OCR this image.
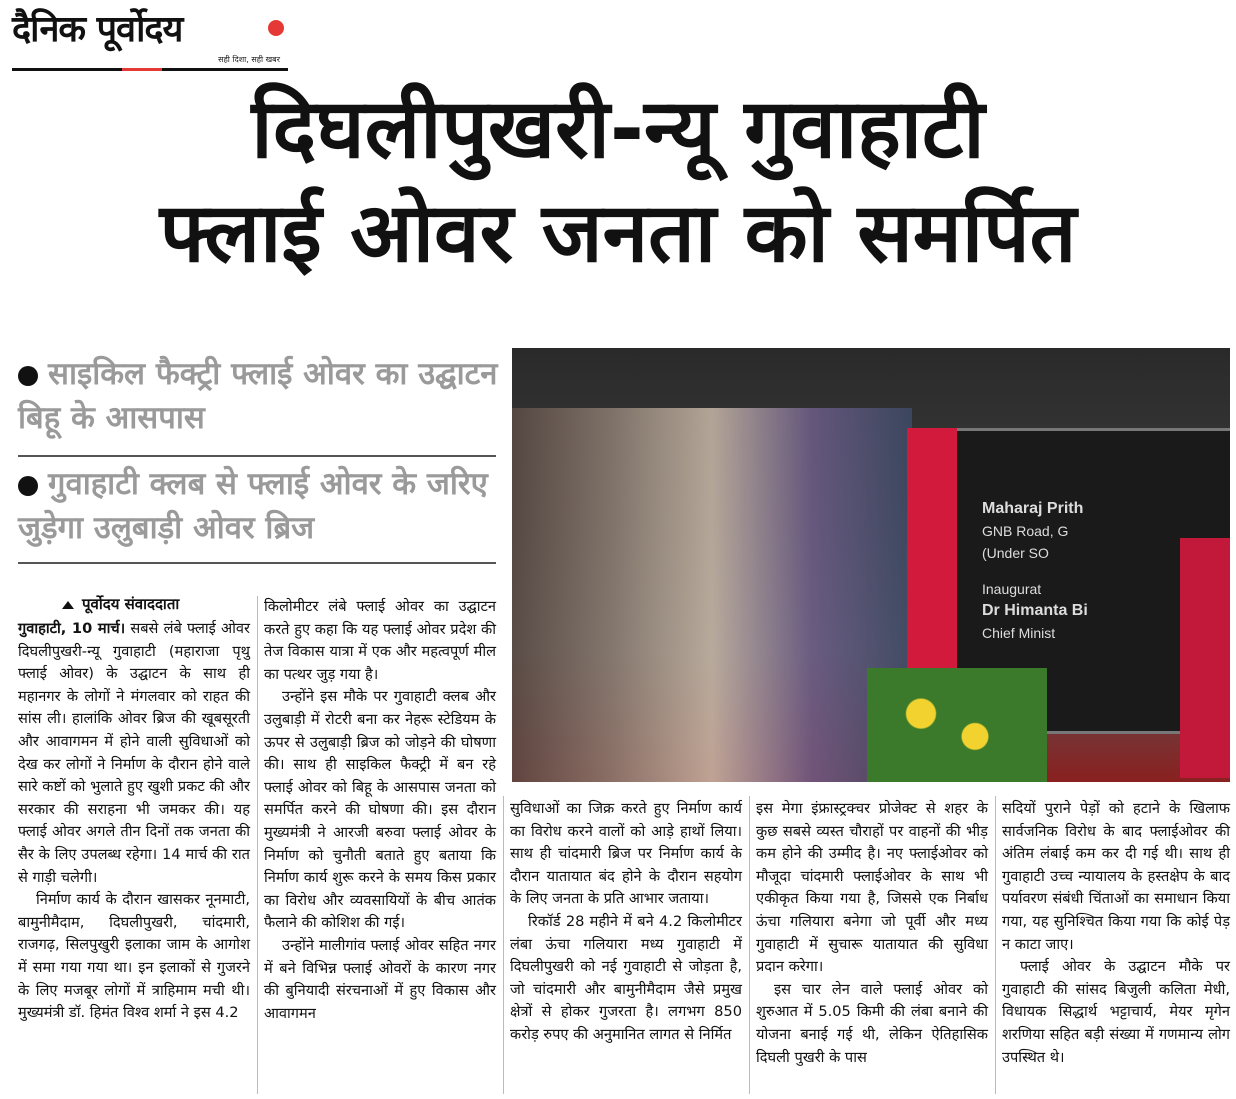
दैनिक पूर्वोदय
सही दिशा, सही खबर
दिघलीपुखरी-न्यू गुवाहाटी
फ्लाई ओवर जनता को समर्पित
साइकिल फैक्ट्री फ्लाई ओवर का उद्घाटन बिहू के आसपास
गुवाहाटी क्लब से फ्लाई ओवर के जरिए जुड़ेगा उलुबाड़ी ओवर ब्रिज
Maharaj Prith
GNB Road, G
(Under SO
Inaugurat
Dr Himanta Bi
Chief Minist
पूर्वोदय संवाददाता

गुवाहाटी, 10 मार्च। सबसे लंबे फ्लाई ओवर दिघलीपुखरी-न्यू गुवाहाटी (महाराजा पृथु फ्लाई ओवर) के उद्घाटन के साथ ही महानगर के लोगों ने मंगलवार को राहत की सांस ली। हालांकि ओवर ब्रिज की खूबसूरती और आवागमन में होने वाली सुविधाओं को देख कर लोगों ने निर्माण के दौरान होने वाले सारे कष्टों को भुलाते हुए खुशी प्रकट की और सरकार की सराहना भी जमकर की। यह फ्लाई ओवर अगले तीन दिनों तक जनता की सैर के लिए उपलब्ध रहेगा। 14 मार्च की रात से गाड़ी चलेगी।

निर्माण कार्य के दौरान खासकर नूनमाटी, बामुनीमैदाम, दिघलीपुखरी, चांदमारी, राजगढ़, सिलपुखुरी इलाका जाम के आगोश में समा गया गया था। इन इलाकों से गुजरने के लिए मजबूर लोगों में त्राहिमाम मची थी। मुख्यमंत्री डॉ. हिमंत विश्व शर्मा ने इस 4.2

किलोमीटर लंबे फ्लाई ओवर का उद्घाटन करते हुए कहा कि यह फ्लाई ओवर प्रदेश की तेज विकास यात्रा में एक और महत्वपूर्ण मील का पत्थर जुड़ गया है।

उन्होंने इस मौके पर गुवाहाटी क्लब और उलुबाड़ी में रोटरी बना कर नेहरू स्टेडियम के ऊपर से उलुबाड़ी ब्रिज को जोड़ने की घोषणा की। साथ ही साइकिल फैक्ट्री में बन रहे फ्लाई ओवर को बिहू के आसपास जनता को समर्पित करने की घोषणा की। इस दौरान मुख्यमंत्री ने आरजी बरुवा फ्लाई ओवर के निर्माण को चुनौती बताते हुए बताया कि निर्माण कार्य शुरू करने के समय किस प्रकार का विरोध और व्यवसायियों के बीच आतंक फैलाने की कोशिश की गई।

उन्होंने मालीगांव फ्लाई ओवर सहित नगर में बने विभिन्न फ्लाई ओवरों के कारण नगर की बुनियादी संरचनाओं में हुए विकास और आवागमन

सुविधाओं का जिक्र करते हुए निर्माण कार्य का विरोध करने वालों को आड़े हाथों लिया। साथ ही चांदमारी ब्रिज पर निर्माण कार्य के दौरान यातायात बंद होने के दौरान सहयोग के लिए जनता के प्रति आभार जताया।

रिकॉर्ड 28 महीने में बने 4.2 किलोमीटर लंबा ऊंचा गलियारा मध्य गुवाहाटी में दिघलीपुखरी को नई गुवाहाटी से जोड़ता है, जो चांदमारी और बामुनीमैदाम जैसे प्रमुख क्षेत्रों से होकर गुजरता है। लगभग 850 करोड़ रुपए की अनुमानित लागत से निर्मित

इस मेगा इंफ्रास्ट्रक्चर प्रोजेक्ट से शहर के कुछ सबसे व्यस्त चौराहों पर वाहनों की भीड़ कम होने की उम्मीद है। नए फ्लाईओवर को मौजूदा चांदमारी फ्लाईओवर के साथ भी एकीकृत किया गया है, जिससे एक निर्बाध ऊंचा गलियारा बनेगा जो पूर्वी और मध्य गुवाहाटी में सुचारू यातायात की सुविधा प्रदान करेगा।

इस चार लेन वाले फ्लाई ओवर को शुरुआत में 5.05 किमी की लंबा बनाने की योजना बनाई गई थी, लेकिन ऐतिहासिक दिघली पुखरी के पास

सदियों पुराने पेड़ों को हटाने के खिलाफ सार्वजनिक विरोध के बाद फ्लाईओवर की अंतिम लंबाई कम कर दी गई थी। साथ ही गुवाहाटी उच्च न्यायालय के हस्तक्षेप के बाद पर्यावरण संबंधी चिंताओं का समाधान किया गया, यह सुनिश्चित किया गया कि कोई पेड़ न काटा जाए।

फ्लाई ओवर के उद्घाटन मौके पर गुवाहाटी की सांसद बिजुली कलिता मेधी, विधायक सिद्धार्थ भट्टाचार्य, मेयर मृगेन शरणिया सहित बड़ी संख्या में गणमान्य लोग उपस्थित थे।
